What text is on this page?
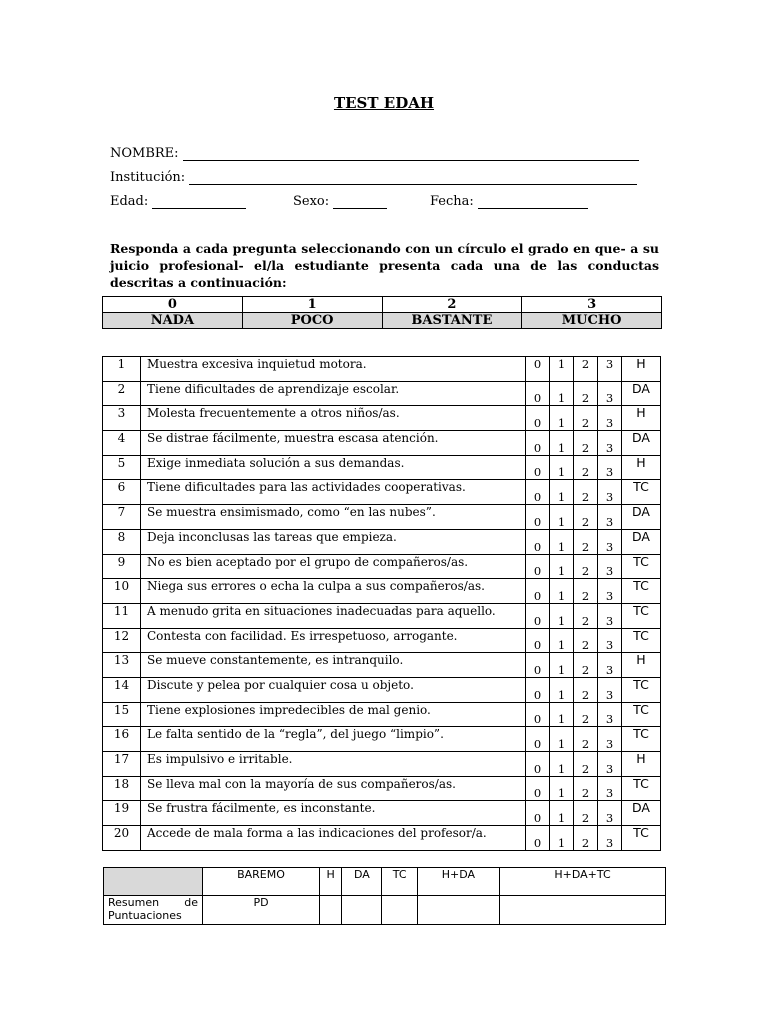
TEST EDAH
NOMBRE:
Institución:
Edad:	Sexo:	Fecha:
Responda a cada pregunta seleccionando con un círculo el grado en que- a su juicio profesional- el/la estudiante presenta cada una de las conductas descritas a continuación:
0	1	2	3
NADA	POCO	BASTANTE	MUCHO
1	Muestra excesiva inquietud motora.	0	1	2	3	H
2	Tiene dificultades de aprendizaje escolar.	0	1	2	3	DA
3	Molesta frecuentemente a otros niños/as.	0	1	2	3	H
4	Se distrae fácilmente, muestra escasa atención.	0	1	2	3	DA
5	Exige inmediata solución a sus demandas.	0	1	2	3	H
6	Tiene dificultades para las actividades cooperativas.	0	1	2	3	TC
7	Se muestra ensimismado, como “en las nubes”.	0	1	2	3	DA
8	Deja inconclusas las tareas que empieza.	0	1	2	3	DA
9	No es bien aceptado por el grupo de compañeros/as.	0	1	2	3	TC
10	Niega sus errores o echa la culpa a sus compañeros/as.	0	1	2	3	TC
11	A menudo grita en situaciones inadecuadas para aquello.	0	1	2	3	TC
12	Contesta con facilidad. Es irrespetuoso, arrogante.	0	1	2	3	TC
13	Se mueve constantemente, es intranquilo.	0	1	2	3	H
14	Discute y pelea por cualquier cosa u objeto.	0	1	2	3	TC
15	Tiene explosiones impredecibles de mal genio.	0	1	2	3	TC
16	Le falta sentido de la “regla”, del juego “limpio”.	0	1	2	3	TC
17	Es impulsivo e irritable.	0	1	2	3	H
18	Se lleva mal con la mayoría de sus compañeros/as.	0	1	2	3	TC
19	Se frustra fácilmente, es inconstante.	0	1	2	3	DA
20	Accede de mala forma a las indicaciones del profesor/a.	0	1	2	3	TC
	BAREMO	H	DA	TC	H+DA	H+DA+TC
Resumen de Puntuaciones	PD					
